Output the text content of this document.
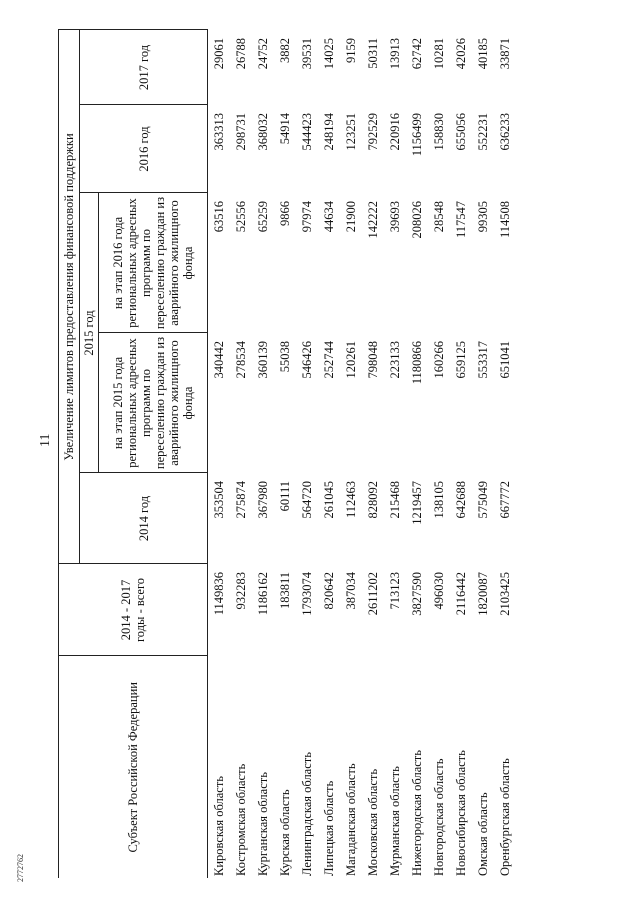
11
2772762
Субъект Российской Федерации	2014 - 2017 годы - всего	Увеличение лимитов предоставления финансовой поддержки				
		2014 год	2015 год		2016 год	2017 год
			на этап 2015 года региональных адресных программ по переселению граждан из аварийного жилищного фонда	на этап 2016 года региональных адресных программ по переселению граждан из аварийного жилищного фонда		
Кировская область	1149836	353504	340442	63516	363313	29061
Костромская область	932283	275874	278534	52556	298731	26788
Курганская область	1186162	367980	360139	65259	368032	24752
Курская область	183811	60111	55038	9866	54914	3882
Ленинградская область	1793074	564720	546426	97974	544423	39531
Липецкая область	820642	261045	252744	44634	248194	14025
Магаданская область	387034	112463	120261	21900	123251	9159
Московская область	2611202	828092	798048	142222	792529	50311
Мурманская область	713123	215468	223133	39693	220916	13913
Нижегородская область	3827590	1219457	1180866	208026	1156499	62742
Новгородская область	496030	138105	160266	28548	158830	10281
Новосибирская область	2116442	642688	659125	117547	655056	42026
Омская область	1820087	575049	553317	99305	552231	40185
Оренбургская область	2103425	667772	651041	114508	636233	33871
